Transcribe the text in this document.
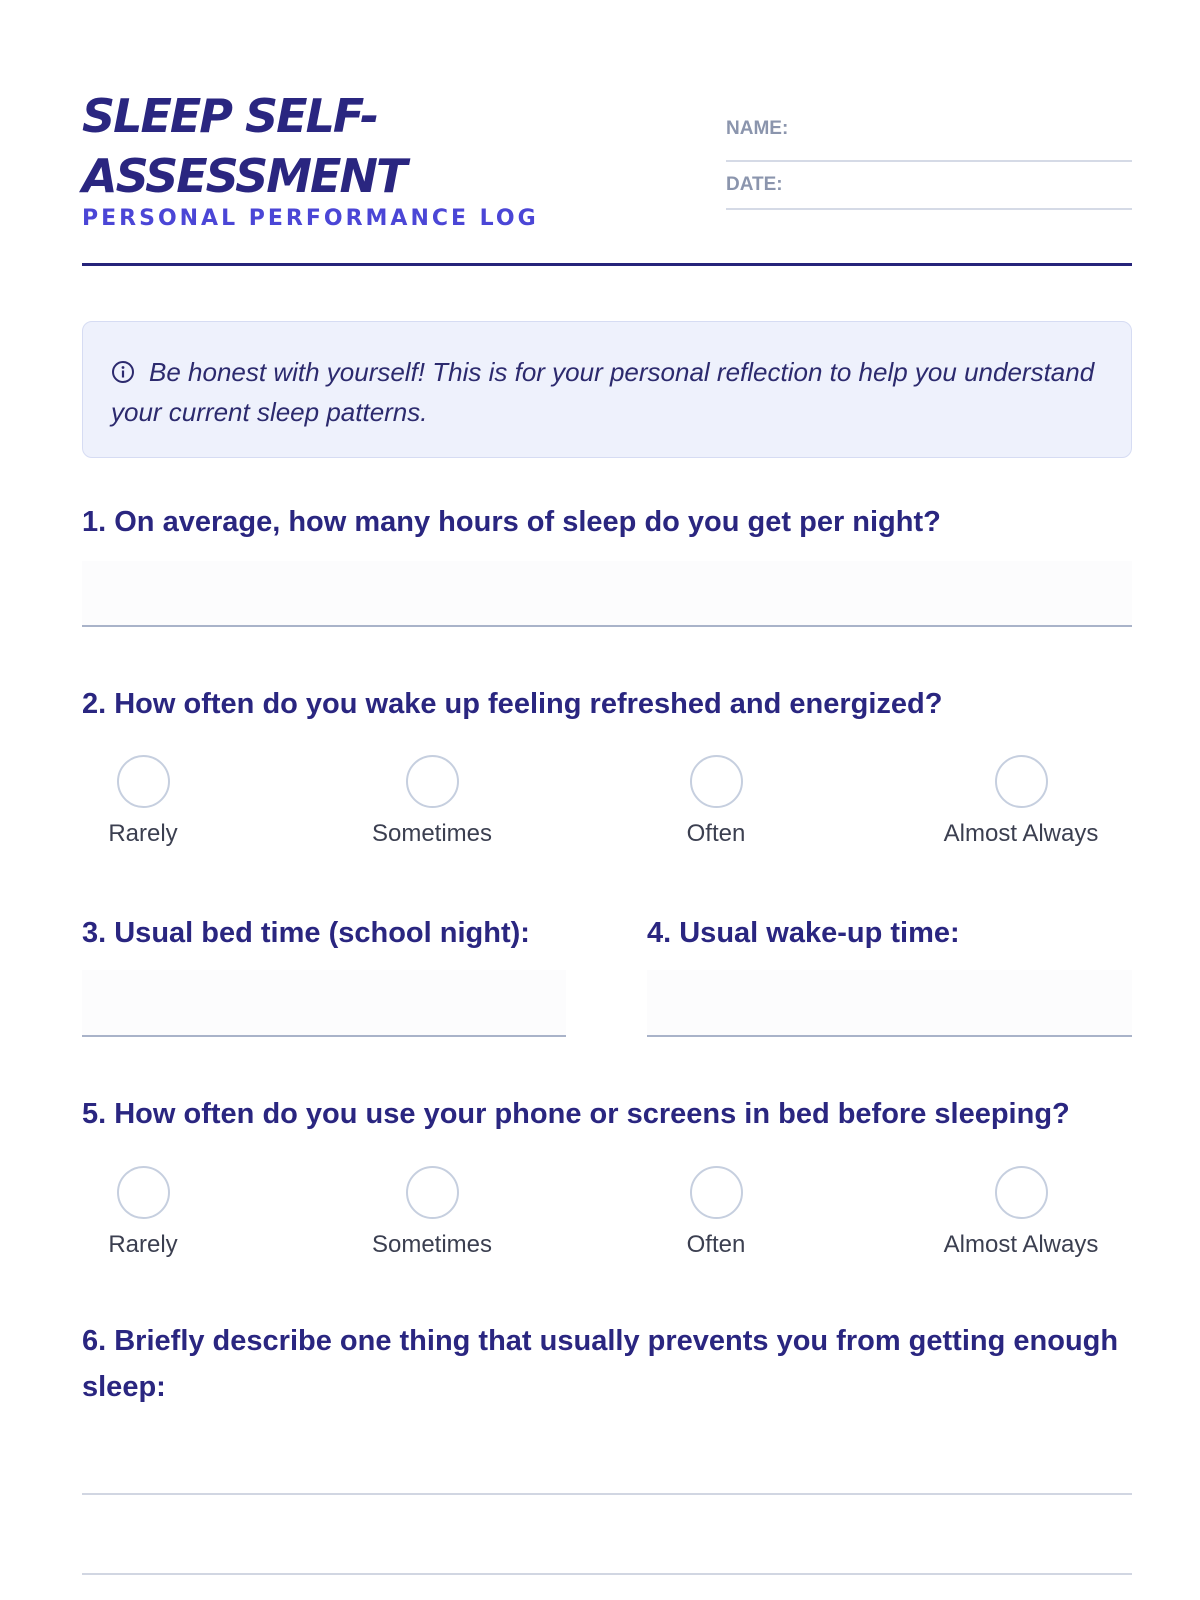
SLEEP SELF-
ASSESSMENT
PERSONAL PERFORMANCE LOG
NAME:
DATE:
Be honest with yourself! This is for your personal reflection to help you understand your current sleep patterns.
1. On average, how many hours of sleep do you get per night?
2. How often do you wake up feeling refreshed and energized?
Rarely	Sometimes	Often	Almost Always
3. Usual bed time (school night):	4. Usual wake-up time:
5. How often do you use your phone or screens in bed before sleeping?
Rarely	Sometimes	Often	Almost Always
6. Briefly describe one thing that usually prevents you from getting enough sleep:
